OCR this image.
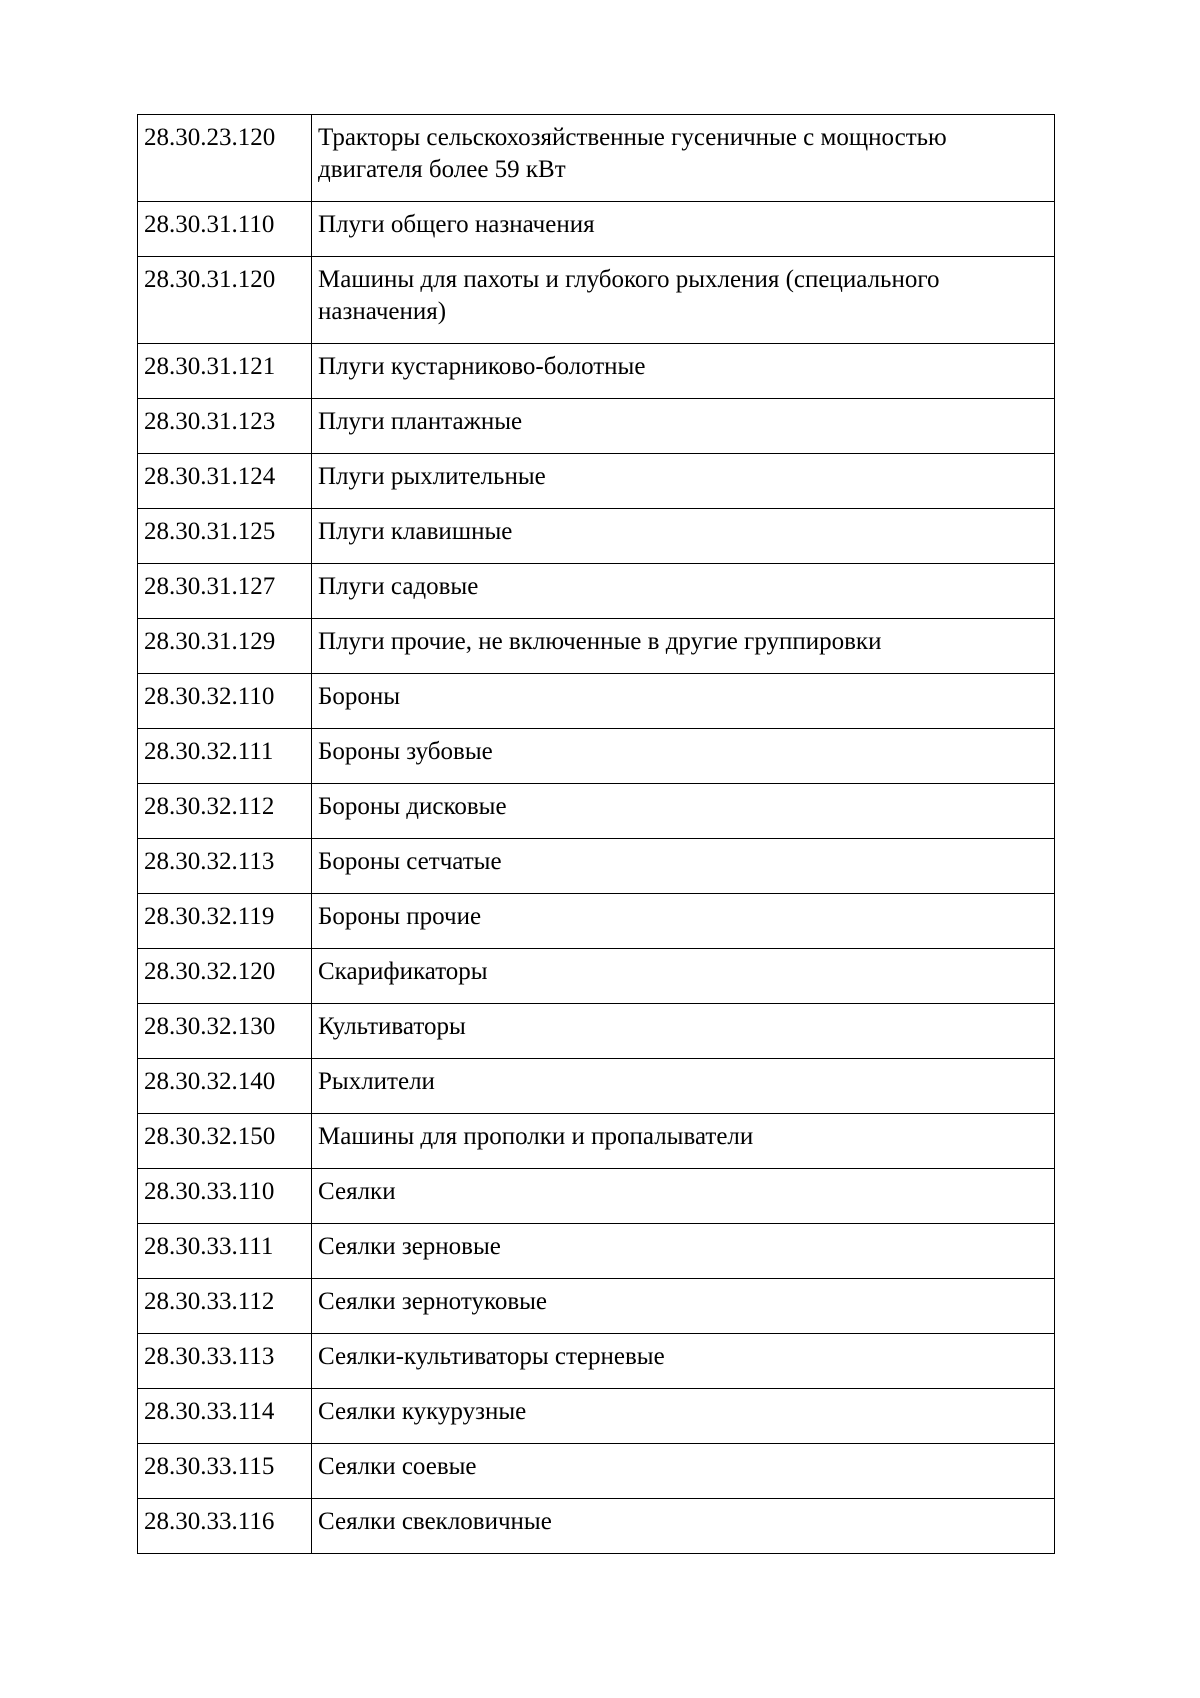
28.30.23.120	Тракторы сельскохозяйственные гусеничные с мощностью двигателя более 59 кВт
28.30.31.110	Плуги общего назначения
28.30.31.120	Машины для пахоты и глубокого рыхления (специального назначения)
28.30.31.121	Плуги кустарниково-болотные
28.30.31.123	Плуги плантажные
28.30.31.124	Плуги рыхлительные
28.30.31.125	Плуги клавишные
28.30.31.127	Плуги садовые
28.30.31.129	Плуги прочие, не включенные в другие группировки
28.30.32.110	Бороны
28.30.32.111	Бороны зубовые
28.30.32.112	Бороны дисковые
28.30.32.113	Бороны сетчатые
28.30.32.119	Бороны прочие
28.30.32.120	Скарификаторы
28.30.32.130	Культиваторы
28.30.32.140	Рыхлители
28.30.32.150	Машины для прополки и пропалыватели
28.30.33.110	Сеялки
28.30.33.111	Сеялки зерновые
28.30.33.112	Сеялки зернотуковые
28.30.33.113	Сеялки-культиваторы стерневые
28.30.33.114	Сеялки кукурузные
28.30.33.115	Сеялки соевые
28.30.33.116	Сеялки свекловичные
